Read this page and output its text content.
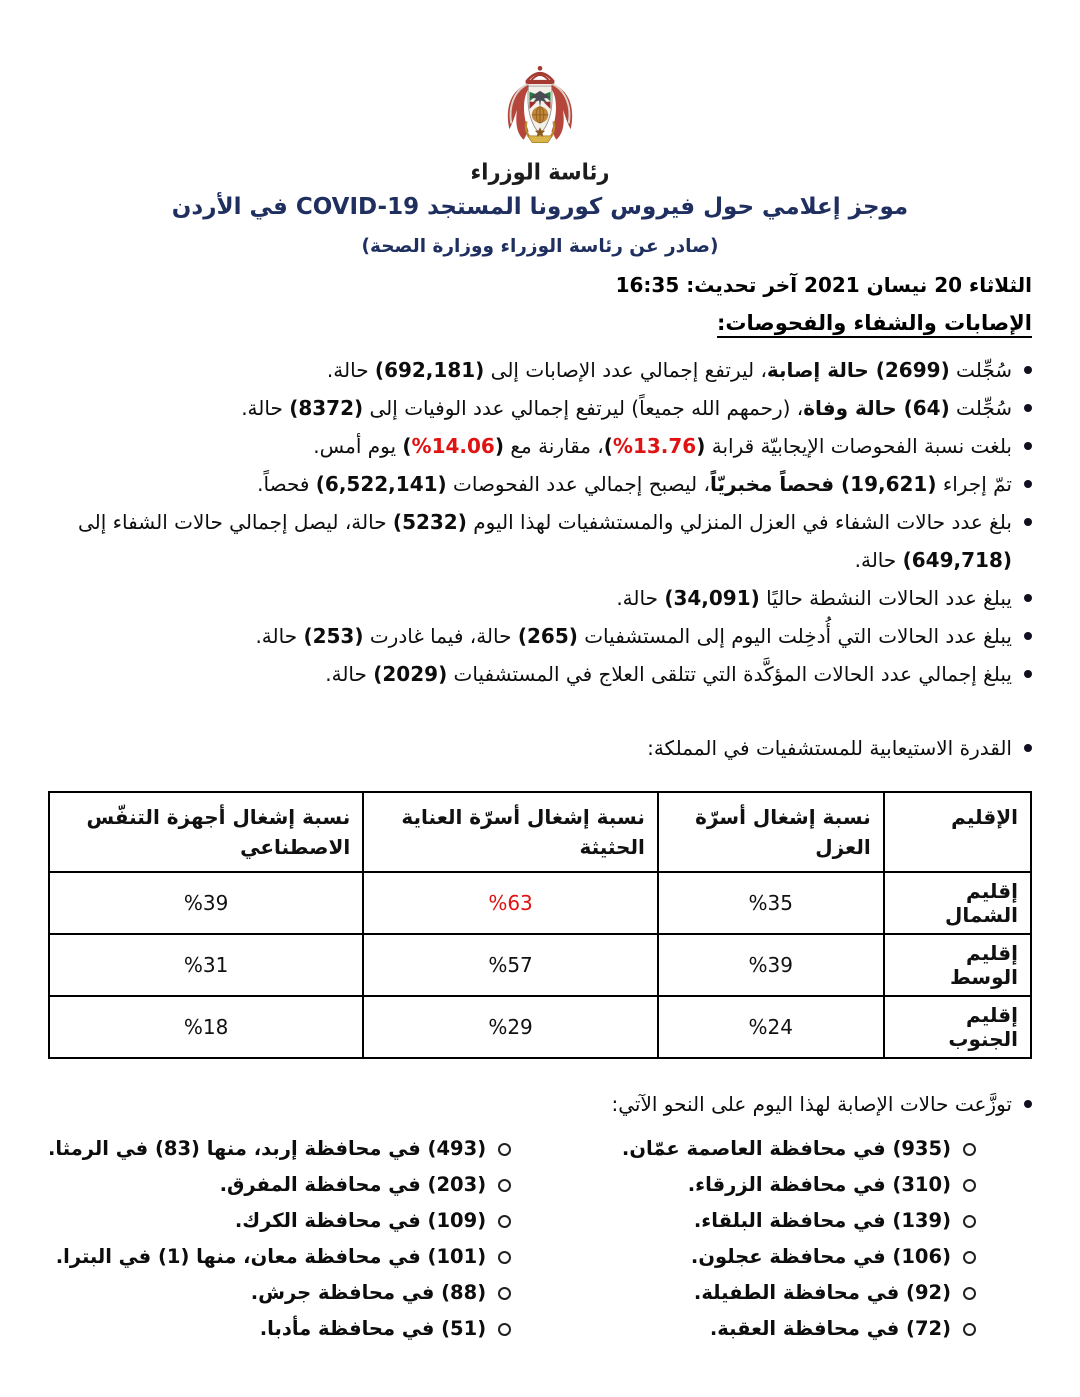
رئاسة الوزراء
موجز إعلامي حول فيروس كورونا المستجد COVID-19 في الأردن
(صادر عن رئاسة الوزراء ووزارة الصحة)
الثلاثاء 20 نيسان 2021 آخر تحديث: 16:35
الإصابات والشفاء والفحوصات:
سُجِّلت (2699) حالة إصابة، ليرتفع إجمالي عدد الإصابات إلى (692,181) حالة.
سُجِّلت (64) حالة وفاة، (رحمهم الله جميعاً) ليرتفع إجمالي عدد الوفيات إلى (8372) حالة.
بلغت نسبة الفحوصات الإيجابيّة قرابة (%13.76)، مقارنة مع (%14.06) يوم أمس.
تمّ إجراء (19,621) فحصاً مخبريّاً، ليصبح إجمالي عدد الفحوصات (6,522,141) فحصاً.
بلغ عدد حالات الشفاء في العزل المنزلي والمستشفيات لهذا اليوم (5232) حالة، ليصل إجمالي حالات الشفاء إلى (649,718) حالة.
يبلغ عدد الحالات النشطة حاليًا (34,091) حالة.
يبلغ عدد الحالات التي أُدخِلت اليوم إلى المستشفيات (265) حالة، فيما غادرت (253) حالة.
يبلغ إجمالي عدد الحالات المؤكَّدة التي تتلقى العلاج في المستشفيات (2029) حالة.
القدرة الاستيعابية للمستشفيات في المملكة:
الإقليم	نسبة إشغال أسرّة العزل	نسبة إشغال أسرّة العناية الحثيثة	نسبة إشغال أجهزة التنفّس الاصطناعي
إقليم الشمال	%35	%63	%39
إقليم الوسط	%39	%57	%31
إقليم الجنوب	%24	%29	%18
توزَّعت حالات الإصابة لهذا اليوم على النحو الآتي:
(935) في محافظة العاصمة عمّان.
(310) في محافظة الزرقاء.
(139) في محافظة البلقاء.
(106) في محافظة عجلون.
(92) في محافظة الطفيلة.
(72) في محافظة العقبة.
(493) في محافظة إربد، منها (83) في الرمثا.
(203) في محافظة المفرق.
(109) في محافظة الكرك.
(101) في محافظة معان، منها (1) في البترا.
(88) في محافظة جرش.
(51) في محافظة مأدبا.
